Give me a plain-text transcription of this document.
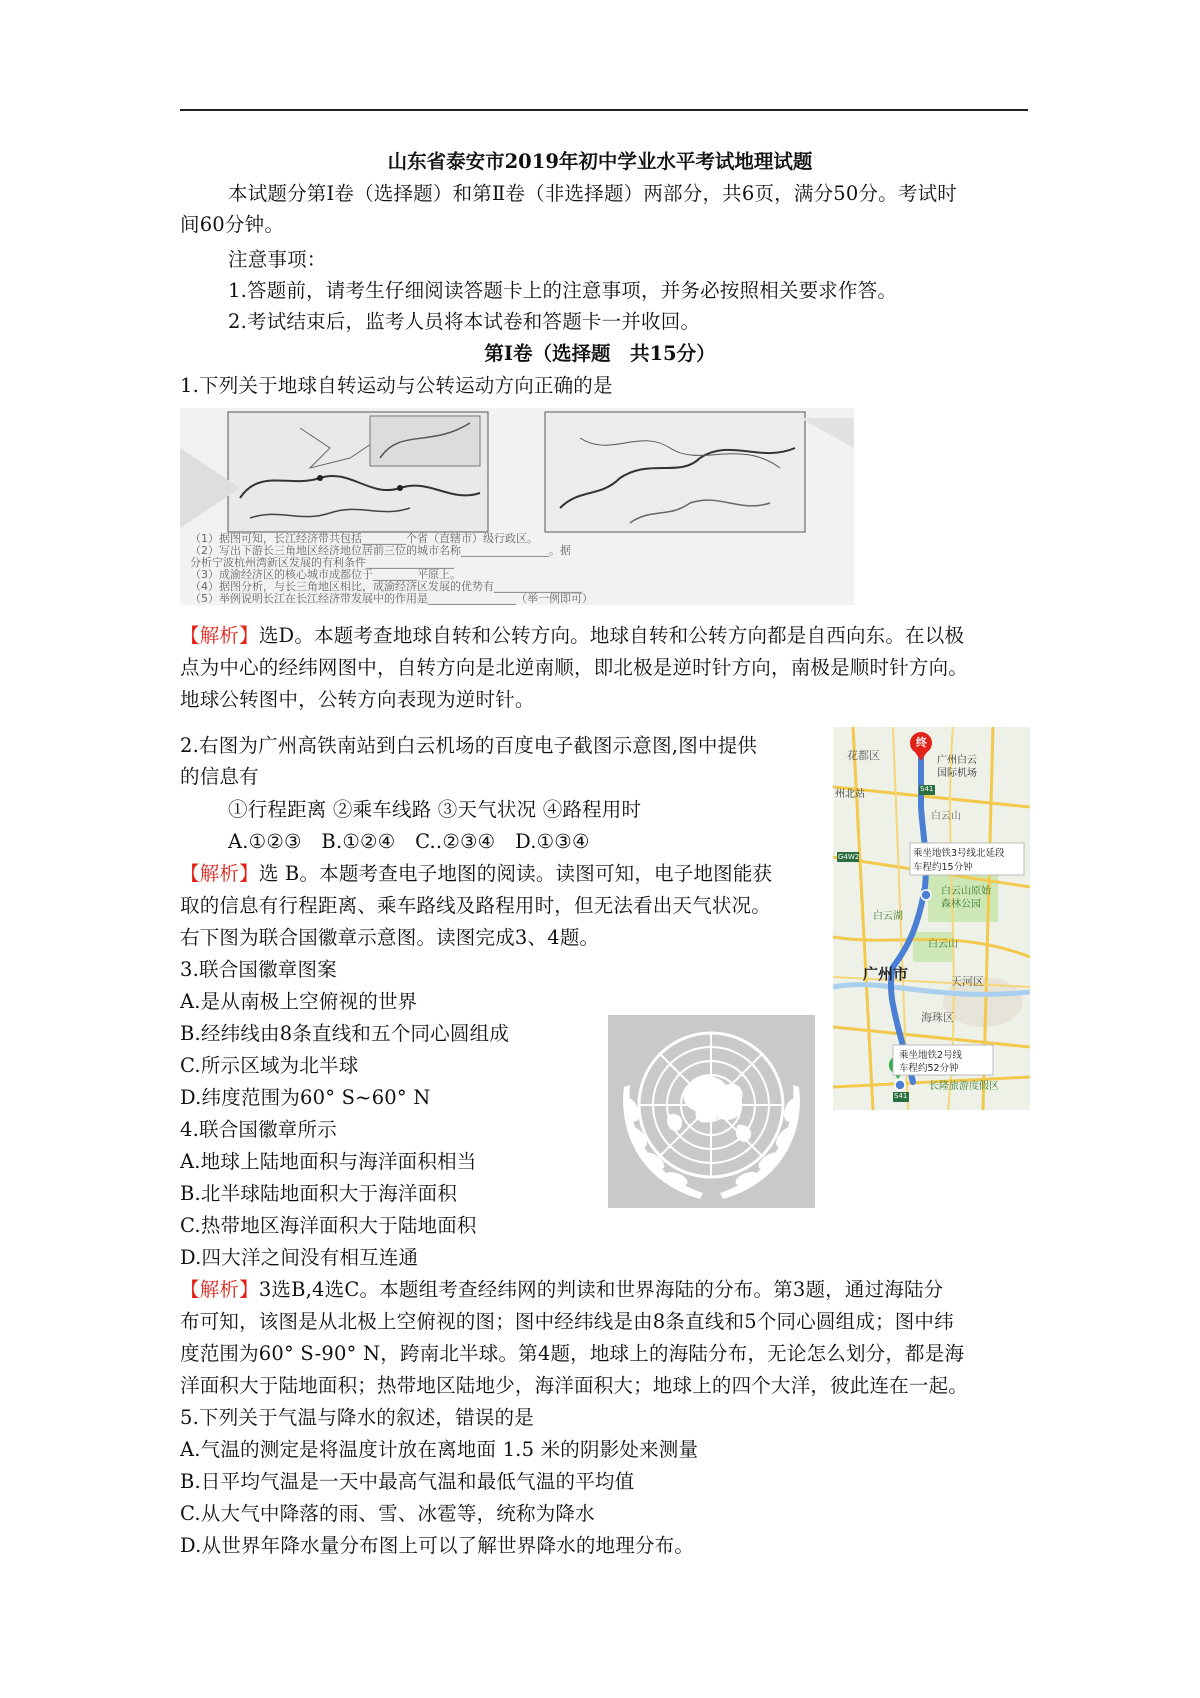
山东省泰安市2019年初中学业水平考试地理试题
本试题分第Ⅰ卷（选择题）和第Ⅱ卷（非选择题）两部分，共6页，满分50分。考试时
间60分钟。
注意事项：
1.答题前，请考生仔细阅读答题卡上的注意事项，并务必按照相关要求作答。
2.考试结束后，监考人员将本试卷和答题卡一并收回。
第Ⅰ卷（选择题　共15分）
1.下列关于地球自转运动与公转运动方向正确的是
（1）据图可知，长江经济带共包括________个省（直辖市）级行政区。
（2）写出下游长三角地区经济地位居前三位的城市名称________________。据
分析宁波杭州湾新区发展的有利条件________________
（3）成渝经济区的核心城市成都位于________平原上。
（4）据图分析，与长三角地区相比，成渝经济区发展的优势有________________
（5）举例说明长江在长江经济带发展中的作用是________________（举一例即可）
【解析】选D。本题考查地球自转和公转方向。地球自转和公转方向都是自西向东。在以极
点为中心的经纬网图中，自转方向是北逆南顺，即北极是逆时针方向，南极是顺时针方向。
地球公转图中，公转方向表现为逆时针。
2.右图为广州高铁南站到白云机场的百度电子截图示意图,图中提供
的信息有
①行程距离 ②乘车线路 ③天气状况 ④路程用时
A.①②③　B.①②④　C..②③④　D.①③④
【解析】选 B。本题考查电子地图的阅读。读图可知，电子地图能获
取的信息有行程距离、乘车路线及路程用时，但无法看出天气状况。
右下图为联合国徽章示意图。读图完成3、4题。
终
花都区	广州白云
国际机场
州北站	S41
白云山
G4W2	乘坐地铁3号线北延段
车程约15分钟
白云山原始
森林公园
白云湖
白云山
广州市	天河区
海珠区
乘坐地铁2号线
车程约52分钟
起
长隆旅游度假区
S41
3.联合国徽章图案
A.是从南极上空俯视的世界
B.经纬线由8条直线和五个同心圆组成
C.所示区域为北半球
D.纬度范围为60° S~60° N
4.联合国徽章所示
A.地球上陆地面积与海洋面积相当
B.北半球陆地面积大于海洋面积
C.热带地区海洋面积大于陆地面积
D.四大洋之间没有相互连通
【解析】3选B,4选C。本题组考查经纬网的判读和世界海陆的分布。第3题，通过海陆分
布可知，该图是从北极上空俯视的图；图中经纬线是由8条直线和5个同心圆组成；图中纬
度范围为60° S-90° N，跨南北半球。第4题，地球上的海陆分布，无论怎么划分，都是海
洋面积大于陆地面积；热带地区陆地少，海洋面积大；地球上的四个大洋，彼此连在一起。
5.下列关于气温与降水的叙述，错误的是
A.气温的测定是将温度计放在离地面 1.5 米的阴影处来测量
B.日平均气温是一天中最高气温和最低气温的平均值
C.从大气中降落的雨、雪、冰雹等，统称为降水
D.从世界年降水量分布图上可以了解世界降水的地理分布。
